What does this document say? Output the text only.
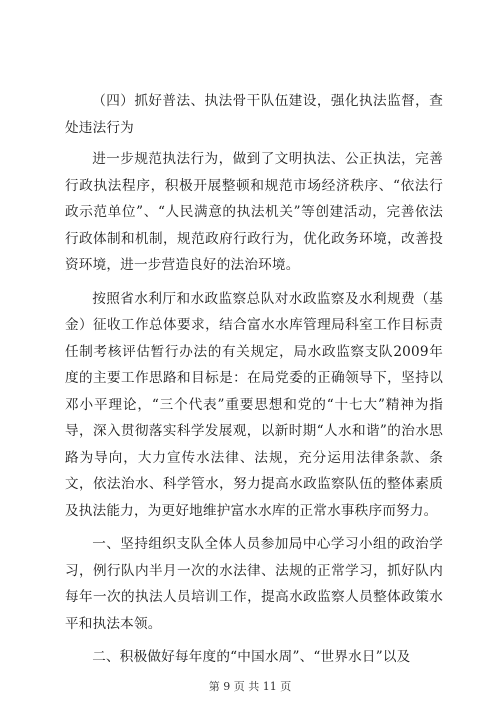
（四）抓好普法、执法骨干队伍建设，强化执法监督，查处违法行为

进一步规范执法行为，做到了文明执法、公正执法，完善行政执法程序，积极开展整顿和规范市场经济秩序、“依法行政示范单位”、“人民满意的执法机关”等创建活动，完善依法行政体制和机制，规范政府行政行为，优化政务环境，改善投资环境，进一步营造良好的法治环境。

按照省水利厅和水政监察总队对水政监察及水利规费（基金）征收工作总体要求，结合富水水库管理局科室工作目标责任制考核评估暂行办法的有关规定，局水政监察支队2009年度的主要工作思路和目标是：在局党委的正确领导下，坚持以邓小平理论，“三个代表”重要思想和党的“十七大”精神为指导，深入贯彻落实科学发展观，以新时期“人水和谐”的治水思路为导向，大力宣传水法律、法规，充分运用法律条款、条文，依法治水、科学管水，努力提高水政监察队伍的整体素质及执法能力，为更好地维护富水水库的正常水事秩序而努力。

一、坚持组织支队全体人员参加局中心学习小组的政治学习，例行队内半月一次的水法律、法规的正常学习，抓好队内每年一次的执法人员培训工作，提高水政监察人员整体政策水平和执法本领。

二、积极做好每年度的“中国水周”、“世界水日”以及

第 9 页 共 11 页
